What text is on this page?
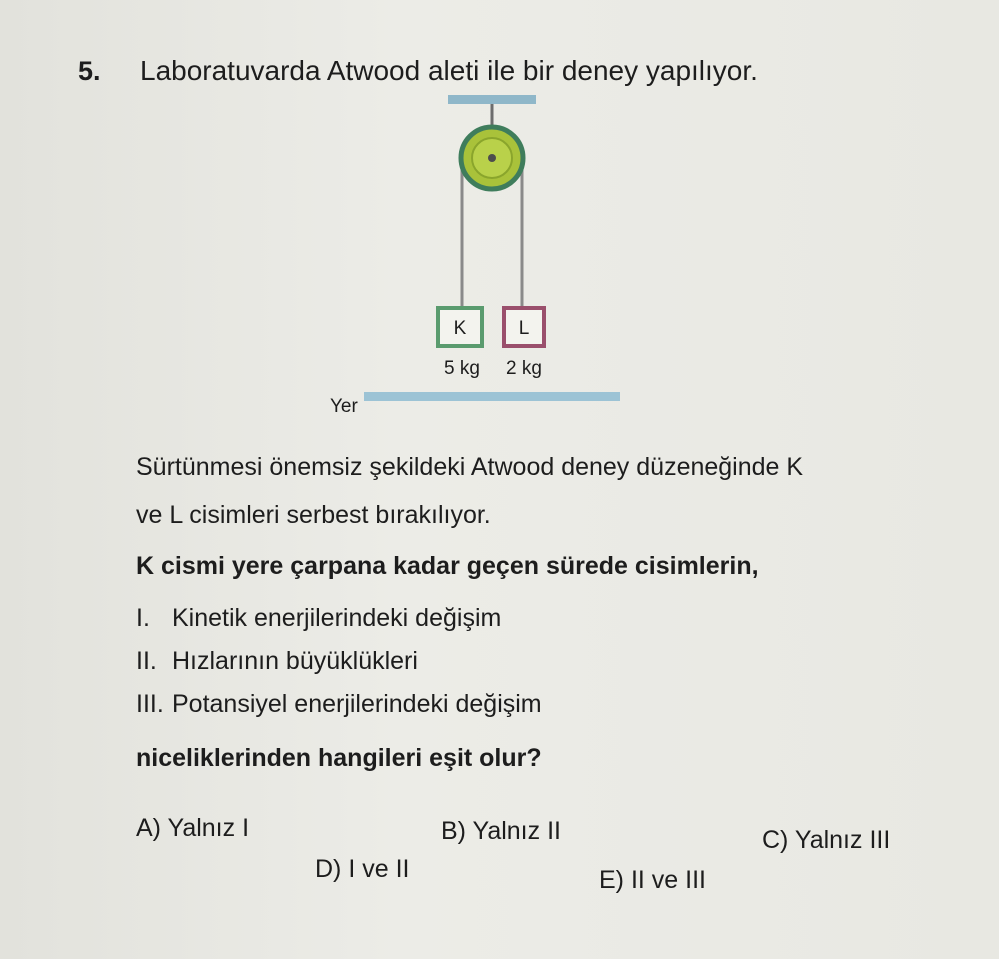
5. Laboratuvarda Atwood aleti ile bir deney yapılıyor.
K	L
5 kg 2 kg
Yer
Sürtünmesi önemsiz şekildeki Atwood deney düzeneğinde K
ve L cisimleri serbest bırakılıyor.
K cismi yere çarpana kadar geçen sürede cisimlerin,
I. Kinetik enerjilerindeki değişim
II. Hızlarının büyüklükleri
III. Potansiyel enerjilerindeki değişim
niceliklerinden hangileri eşit olur?
A) Yalnız I	B) Yalnız II	C) Yalnız III
D) I ve II	E) II ve III
